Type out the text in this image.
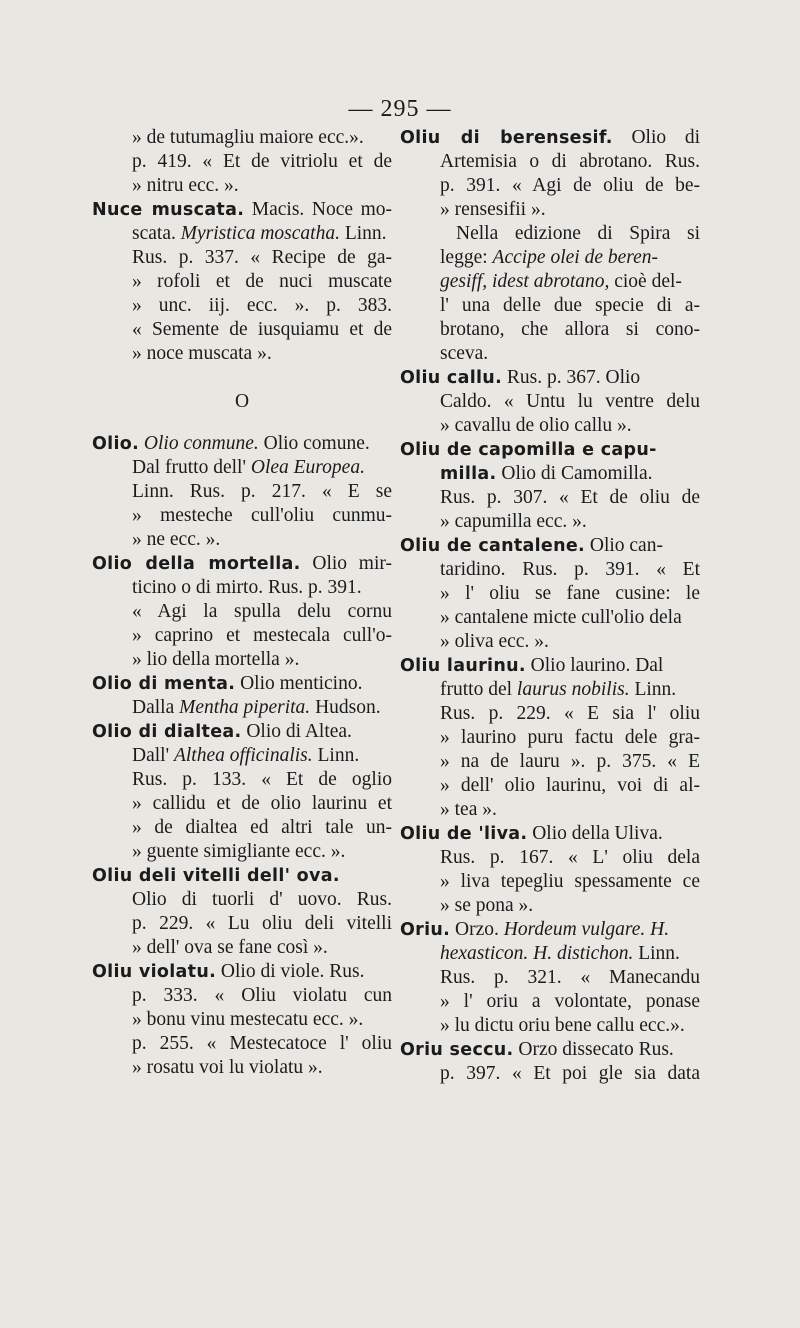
— 295 —
» de tutumagliu maiore ecc.».
p. 419. « Et de vitriolu et de
» nitru ecc. ».
Nuce muscata. Macis. Noce mo-
scata. Myristica moscatha. Linn.
Rus. p. 337. « Recipe de ga-
» rofoli et de nuci muscate
» unc. iij. ecc. ». p. 383.
« Semente de iusquiamu et de
» noce muscata ».
O
Olio. Olio conmune. Olio comune.
Dal frutto dell' Olea Europea.
Linn. Rus. p. 217. « E se
» mesteche cull'oliu cunmu-
» ne ecc. ».
Olio della mortella. Olio mir-
ticino o di mirto. Rus. p. 391.
« Agi la spulla delu cornu
» caprino et mestecala cull'o-
» lio della mortella ».
Olio di menta. Olio menticino.
Dalla Mentha piperita. Hudson.
Olio di dialtea. Olio di Altea.
Dall' Althea officinalis. Linn.
Rus. p. 133. « Et de oglio
» callidu et de olio laurinu et
» de dialtea ed altri tale un-
» guente simigliante ecc. ».
Oliu deli vitelli dell' ova.
Olio di tuorli d' uovo. Rus.
p. 229. « Lu oliu deli vitelli
» dell' ova se fane così ».
Oliu violatu. Olio di viole. Rus.
p. 333. « Oliu violatu cun
» bonu vinu mestecatu ecc. ».
p. 255. « Mestecatoce l' oliu
» rosatu voi lu violatu ».
Oliu di berensesif. Olio di
Artemisia o di abrotano. Rus.
p. 391. « Agi de oliu de be-
» rensesifii ».
Nella edizione di Spira si
legge: Accipe olei de beren-
gesiff, idest abrotano, cioè del-
l' una delle due specie di a-
brotano, che allora si cono-
sceva.
Oliu callu. Rus. p. 367. Olio
Caldo. « Untu lu ventre delu
» cavallu de olio callu ».
Oliu de capomilla e capu-
milla. Olio di Camomilla.
Rus. p. 307. « Et de oliu de
» capumilla ecc. ».
Oliu de cantalene. Olio can-
taridino. Rus. p. 391. « Et
» l' oliu se fane cusine: le
» cantalene micte cull'olio dela
» oliva ecc. ».
Oliu laurinu. Olio laurino. Dal
frutto del laurus nobilis. Linn.
Rus. p. 229. « E sia l' oliu
» laurino puru factu dele gra-
» na de lauru ». p. 375. « E
» dell' olio laurinu, voi di al-
» tea ».
Oliu de 'liva. Olio della Uliva.
Rus. p. 167. « L' oliu dela
» liva tepegliu spessamente ce
» se pona ».
Oriu. Orzo. Hordeum vulgare. H.
hexasticon. H. distichon. Linn.
Rus. p. 321. « Manecandu
» l' oriu a volontate, ponase
» lu dictu oriu bene callu ecc.».
Oriu seccu. Orzo dissecato Rus.
p. 397. « Et poi gle sia data
